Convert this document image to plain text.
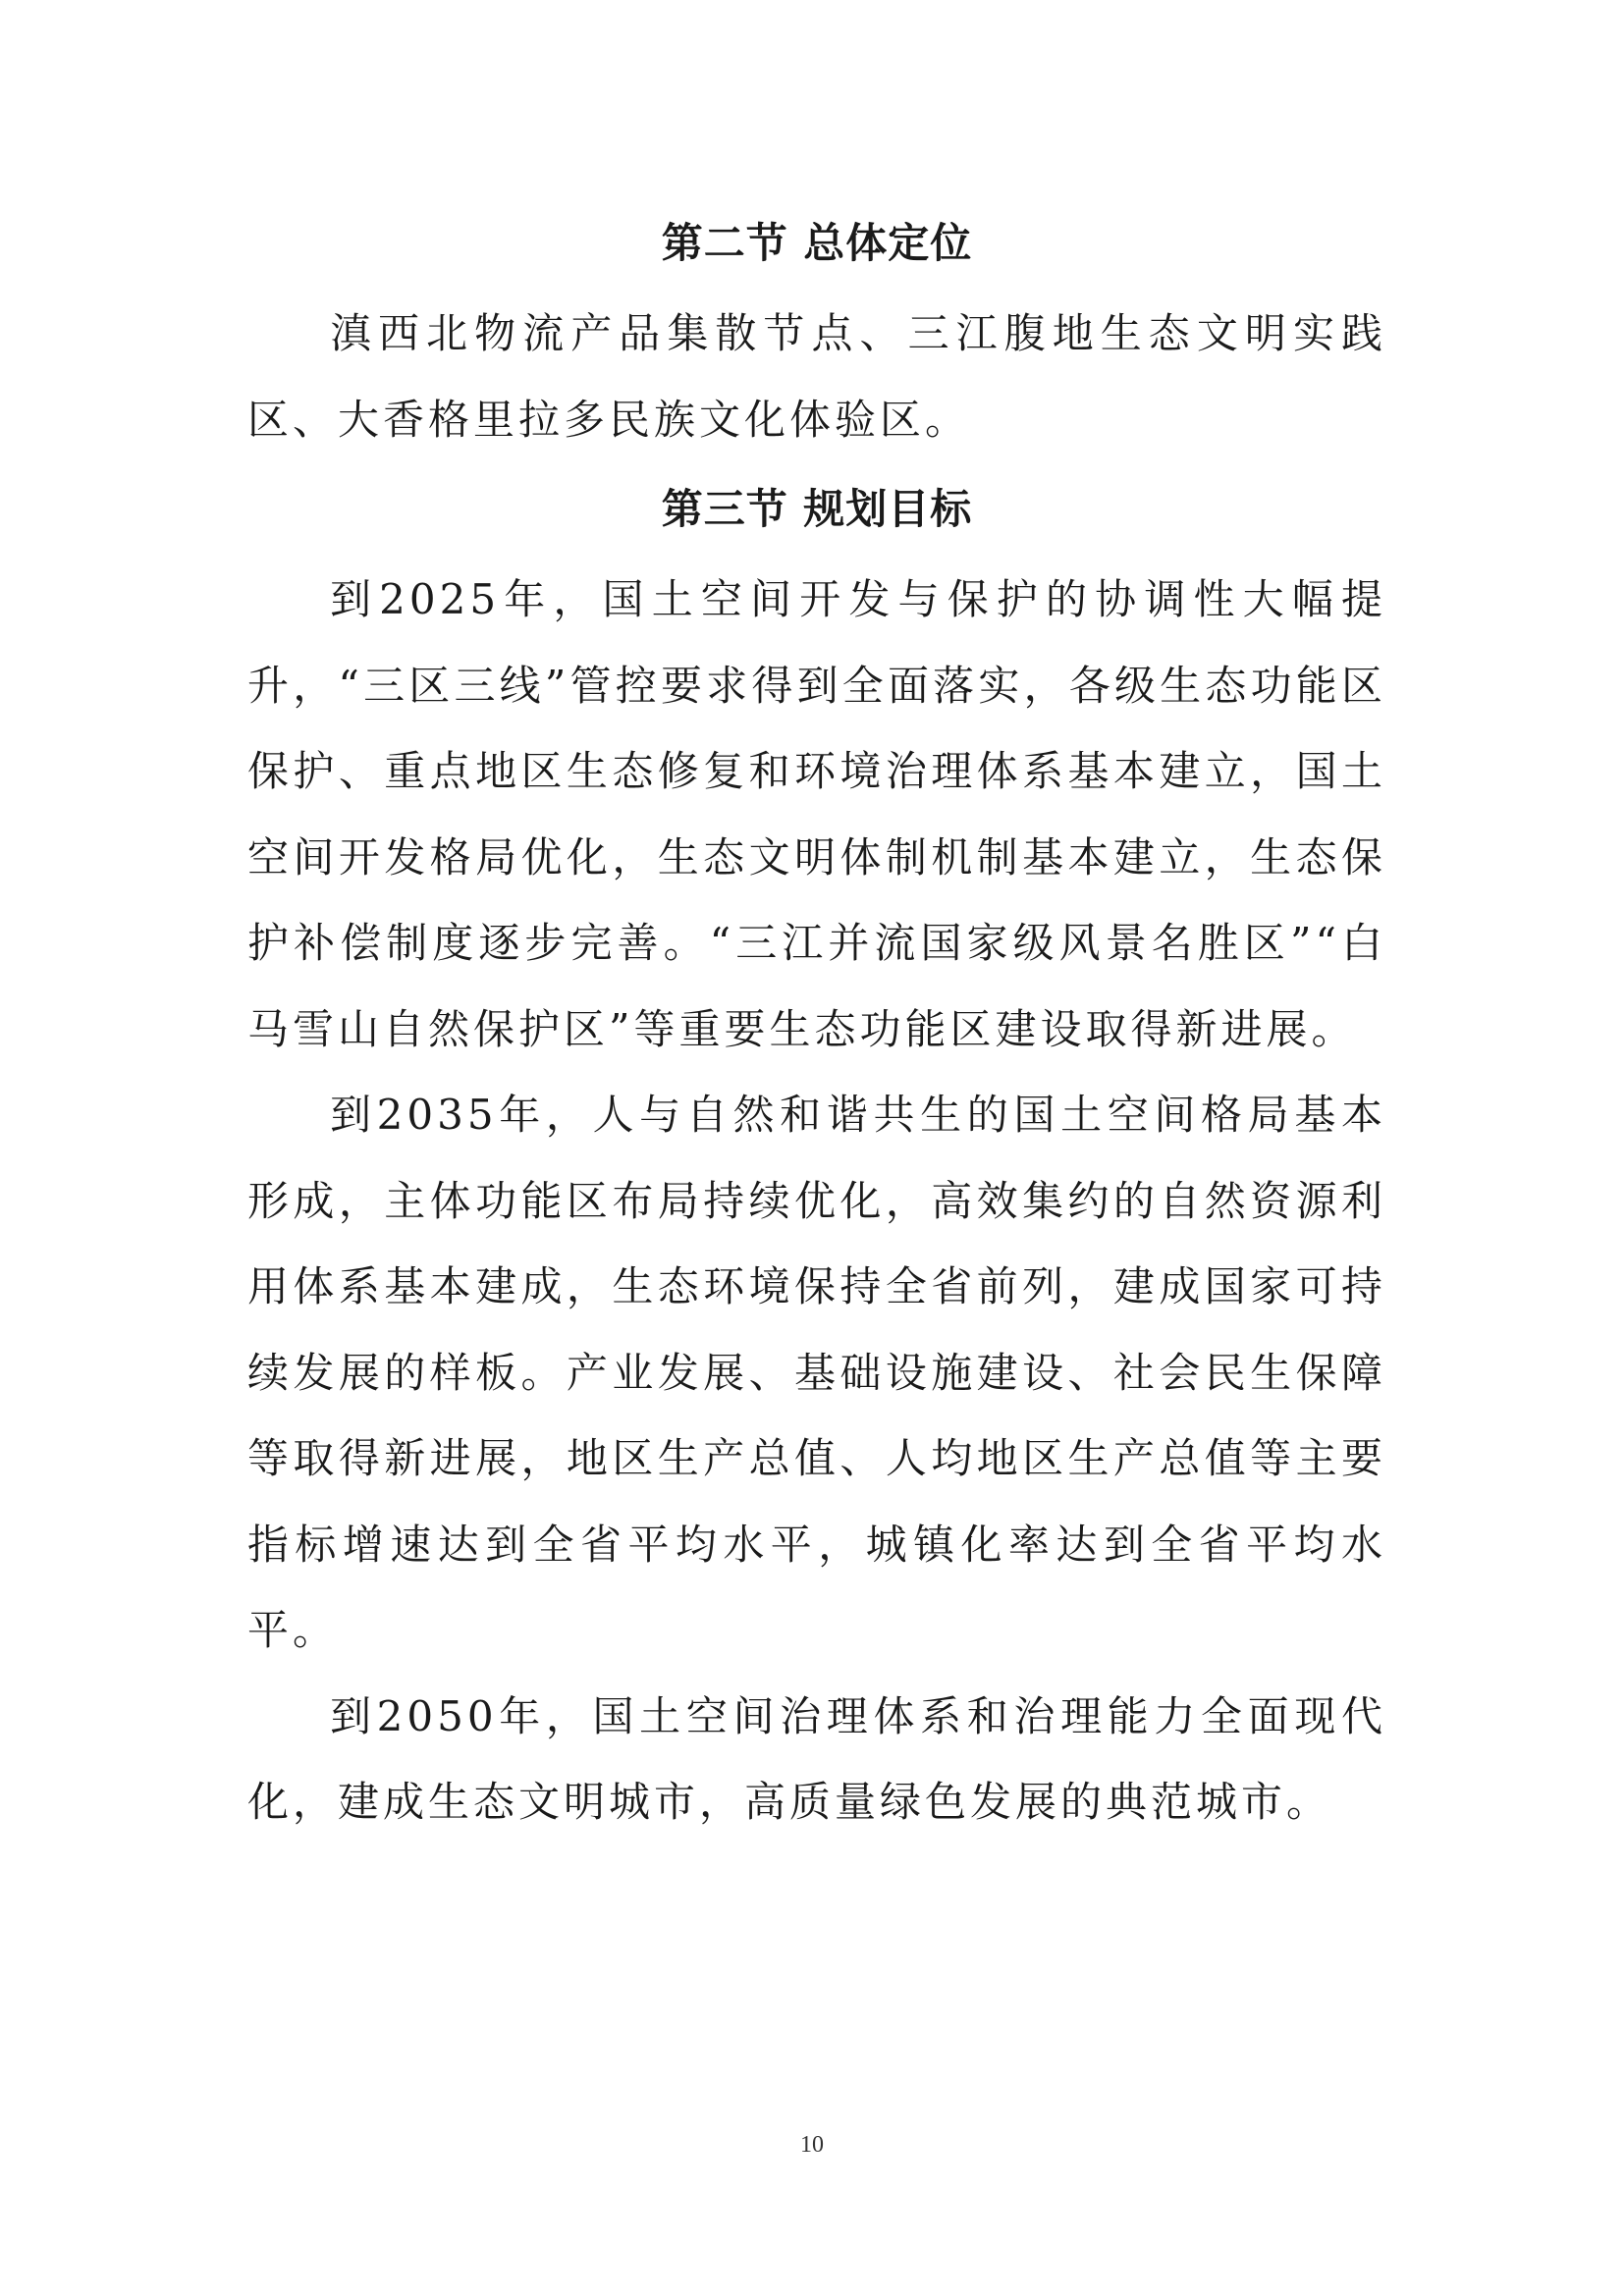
第二节 总体定位

滇西北物流产品集散节点、三江腹地生态文明实践区、大香格里拉多民族文化体验区。

第三节 规划目标

到2025年，国土空间开发与保护的协调性大幅提升，“三区三线”管控要求得到全面落实，各级生态功能区保护、重点地区生态修复和环境治理体系基本建立，国土空间开发格局优化，生态文明体制机制基本建立，生态保护补偿制度逐步完善。“三江并流国家级风景名胜区”“白马雪山自然保护区”等重要生态功能区建设取得新进展。

到2035年，人与自然和谐共生的国土空间格局基本形成，主体功能区布局持续优化，高效集约的自然资源利用体系基本建成，生态环境保持全省前列，建成国家可持续发展的样板。产业发展、基础设施建设、社会民生保障等取得新进展，地区生产总值、人均地区生产总值等主要指标增速达到全省平均水平，城镇化率达到全省平均水平。

到2050年，国土空间治理体系和治理能力全面现代化，建成生态文明城市，高质量绿色发展的典范城市。

10
